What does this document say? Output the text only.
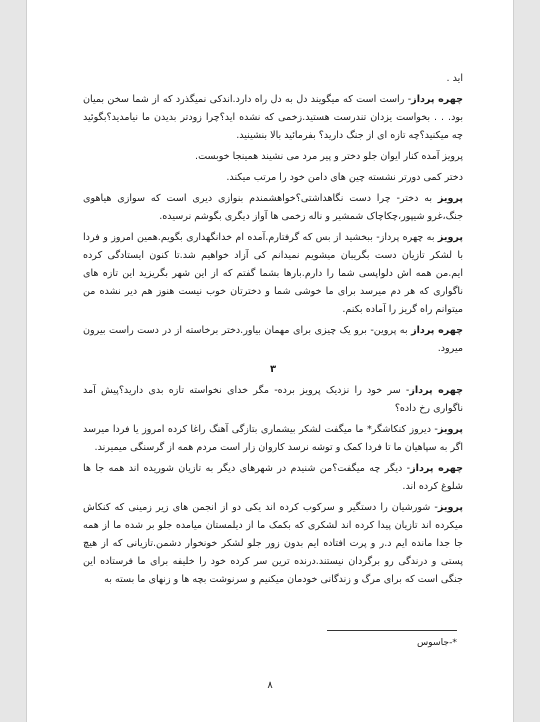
اید .

چهره پرداز- راست است که میگویند دل به دل راه دارد.اندکی نمیگذرد که از شما سخن بمیان بود. . . بخواست یزدان تندرست هستید.زخمی که نشده اید؟چرا زودتر بدیدن ما نیامدید؟بگوئید چه میکنید؟چه تازه ای از جنگ دارید؟ بفرمائید بالا بنشینید.

پرویز آمده کنار ایوان جلو دختر و پیر مرد می نشیند همینجا خوبست.

دختر کمی دورتر نشسته چین های دامن خود را مرتب میکند.

پرویز به دختر- چرا دست نگاهداشتی؟خواهشمندم بنوازی دیری است که سوازی هیاهوی جنگ،غرو شیپور،چکاچاک شمشیر و ناله زخمی ها آواز دیگری بگوشم نرسیده.

پرویز به چهره پرداز- ببخشید از بس که گرفتارم.آمده ام خدانگهداری بگویم.همین امروز و فردا با لشکر تازیان دست بگریبان میشویم نمیدانم کی آزاد خواهیم شد.تا کنون ایستادگی کرده ایم.من همه اش دلواپسی شما را دارم.بارها بشما گفتم که از این شهر بگریزید این تازه های ناگواری که هر دم میرسد برای ما خوشی شما و دخترتان خوب نیست هنوز هم دیر نشده من میتوانم راه گریز را آماده بکنم.

چهره پرداز به پروین- برو یک چیزی برای مهمان بیاور.دختر برخاسته از در دست راست بیرون میرود.

۳

چهره پرداز- سر خود را نزدیک پرویز برده- مگر خدای نخواسته تازه بدی دارید؟پیش آمد ناگواری رخ داده؟

پرویز- دیروز کنکاشگر* ما میگفت لشکر بیشماری بتازگی آهنگ راغا کرده امروز یا فردا میرسد اگر به سپاهیان ما تا فردا کمک و توشه نرسد کاروان زار است مردم همه از گرسنگی میمیرند.

چهره پرداز- دیگر چه میگفت؟من شنیدم در شهرهای دیگر به تازیان شوریده اند همه جا ها شلوغ کرده اند.

پرویز- شورشیان را دستگیر و سرکوب کرده اند یکی دو از انجمن های زیر زمینی که کنکاش میکرده اند تازیان پیدا کرده اند لشکری که بکمک ما از دیلمستان میامده جلو بر شده ما از همه جا جدا مانده ایم د.ر و پرت افتاده ایم بدون زور جلو لشکر خونخوار دشمن.تازیانی که از هیچ پستی و درندگی رو برگردان نیستند.درنده ترین سر کرده خود را خلیفه برای ما فرستاده این جنگی است که برای مرگ و زندگانی خودمان میکنیم و سرنوشت بچه ها و زنهای ما بسته به

*-جاسوس
۸
